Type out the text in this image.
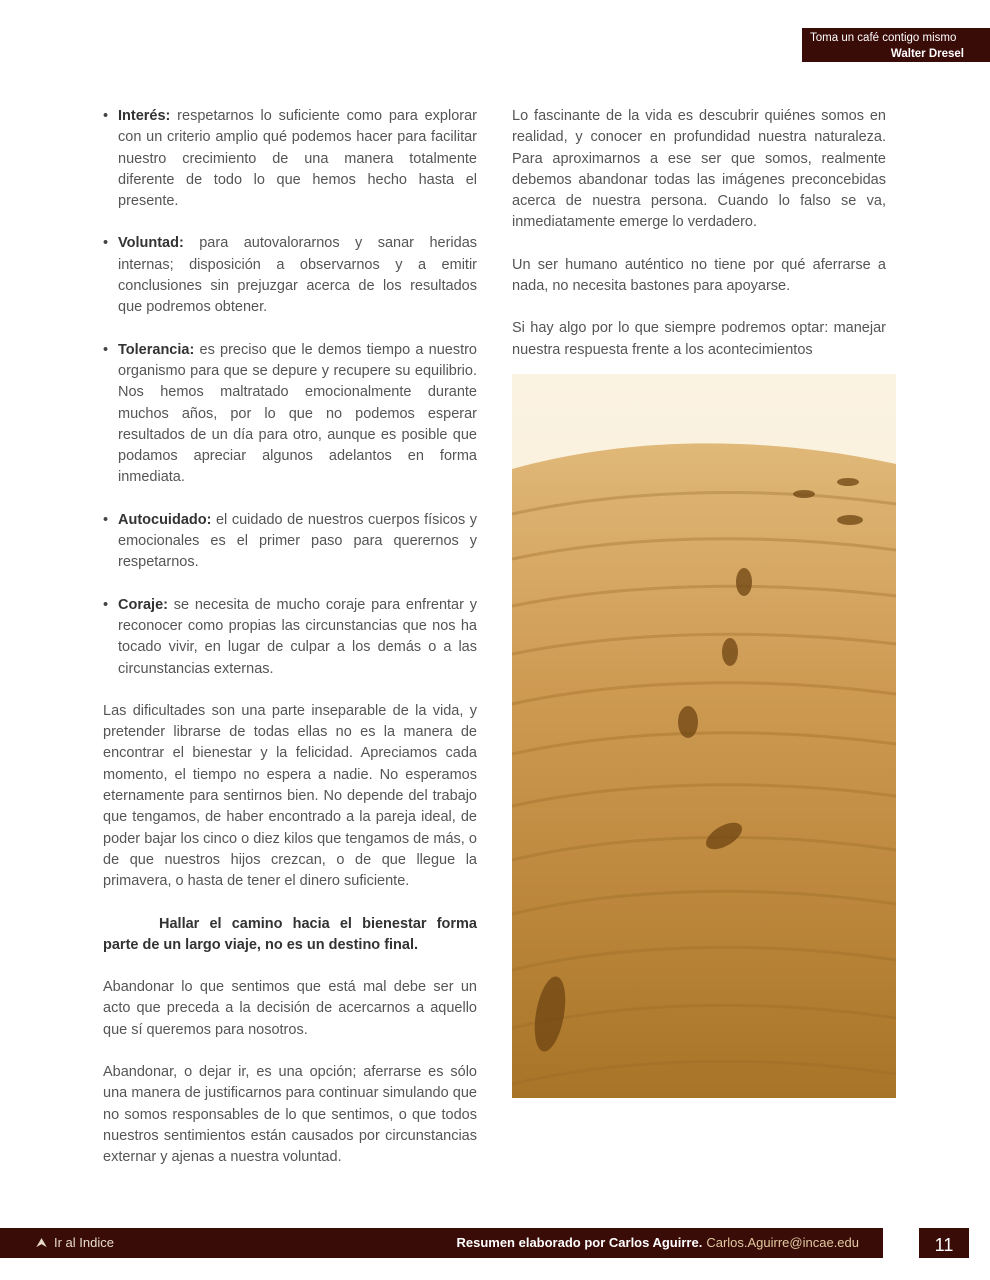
Toma un café contigo mismo
Walter Dresel
• Interés: respetarnos lo suficiente como para explorar con un criterio amplio qué podemos hacer para facilitar nuestro crecimiento de una manera totalmente diferente de todo lo que hemos hecho hasta el presente.
• Voluntad: para autovalorarnos y sanar heridas internas; disposición a observarnos y a emitir conclusiones sin prejuzgar acerca de los resultados que podremos obtener.
• Tolerancia: es preciso que le demos tiempo a nuestro organismo para que se depure y recupere su equilibrio. Nos hemos maltratado emocionalmente durante muchos años, por lo que no podemos esperar resultados de un día para otro, aunque es posible que podamos apreciar algunos adelantos en forma inmediata.
• Autocuidado: el cuidado de nuestros cuerpos físicos y emocionales es el primer paso para querernos y respetarnos.
• Coraje: se necesita de mucho coraje para enfrentar y reconocer como propias las circunstancias que nos ha tocado vivir, en lugar de culpar a los demás o a las circunstancias externas.

Las dificultades son una parte inseparable de la vida, y pretender librarse de todas ellas no es la manera de encontrar el bienestar y la felicidad. Apreciamos cada momento, el tiempo no espera a nadie. No esperamos eternamente para sentirnos bien. No depende del trabajo que tengamos, de haber encontrado a la pareja ideal, de poder bajar los cinco o diez kilos que tengamos de más, o de que nuestros hijos crezcan, o de que llegue la primavera, o hasta de tener el dinero suficiente.

Hallar el camino hacia el bienestar forma parte de un largo viaje, no es un destino final.

Abandonar lo que sentimos que está mal debe ser un acto que preceda a la decisión de acercarnos a aquello que sí queremos para nosotros.

Abandonar, o dejar ir, es una opción; aferrarse es sólo una manera de justificarnos para continuar simulando que no somos responsables de lo que sentimos, o que todos nuestros sentimientos están causados por circunstancias externar y ajenas a nuestra voluntad.

Lo fascinante de la vida es descubrir quiénes somos en realidad, y conocer en profundidad nuestra naturaleza. Para aproximarnos a ese ser que somos, realmente debemos abandonar todas las imágenes preconcebidas acerca de nuestra persona. Cuando lo falso se va, inmediatamente emerge lo verdadero.

Un ser humano auténtico no tiene por qué aferrarse a nada, no necesita bastones para apoyarse.

Si hay algo por lo que siempre podremos optar: manejar nuestra respuesta frente a los acontecimientos

⮝ Ir al Indice	Resumen elaborado por Carlos Aguirre. Carlos.Aguirre@incae.edu	11
